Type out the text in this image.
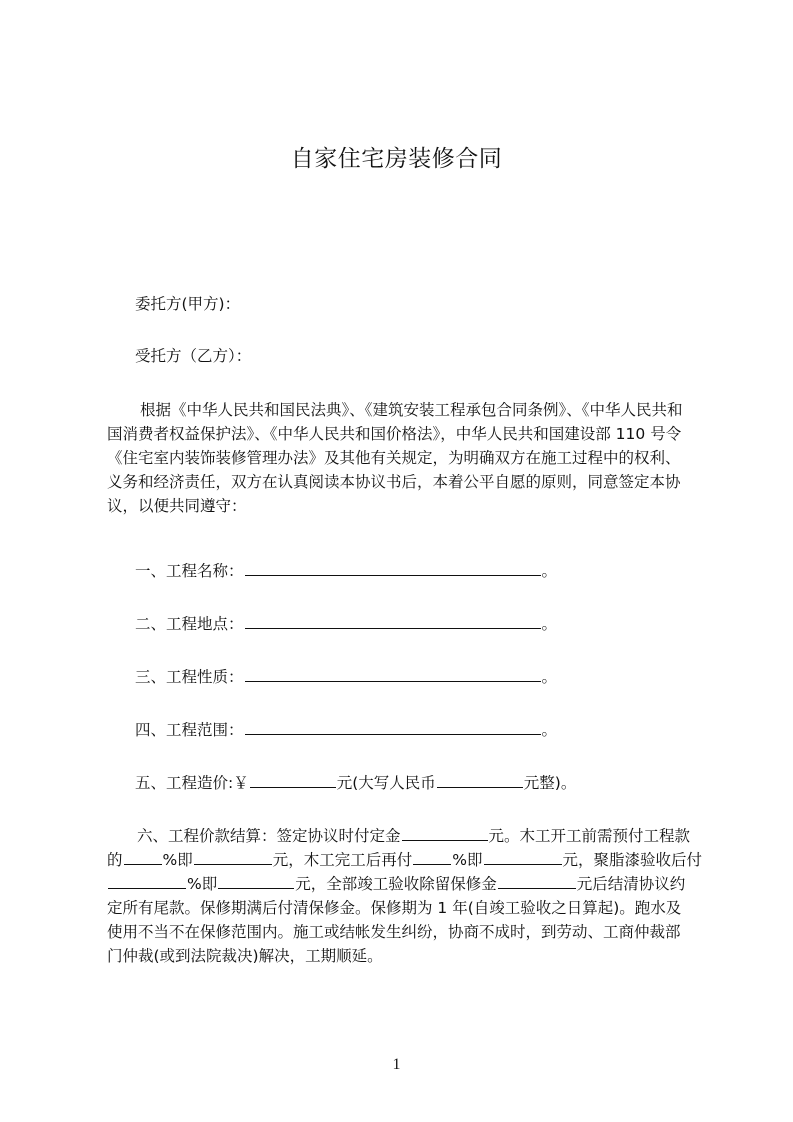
自家住宅房装修合同
委托方(甲方)：
受托方（乙方）：
根据《中华人民共和国民法典》、《建筑安装工程承包合同条例》、《中华人民共和
国消费者权益保护法》、《中华人民共和国价格法》，中华人民共和国建设部 110 号令
《住宅室内装饰装修管理办法》及其他有关规定，为明确双方在施工过程中的权利、
义务和经济责任，双方在认真阅读本协议书后，本着公平自愿的原则，同意签定本协
议，以便共同遵守：
一、工程名称：	。
二、工程地点：	。
三、工程性质：	。
四、工程范围：	。
五、工程造价:￥	元(大写人民币	元整)。
六、工程价款结算：签定协议时付定金	元。木工开工前需预付工程款
的	%即	元，木工完工后再付	%即	元，聚脂漆验收后付
%即	元，全部竣工验收除留保修金	元后结清协议约
定所有尾款。保修期满后付清保修金。保修期为 1 年(自竣工验收之日算起)。跑水及
使用不当不在保修范围内。施工或结帐发生纠纷，协商不成时，到劳动、工商仲裁部
门仲裁(或到法院裁决)解决，工期顺延。
1
